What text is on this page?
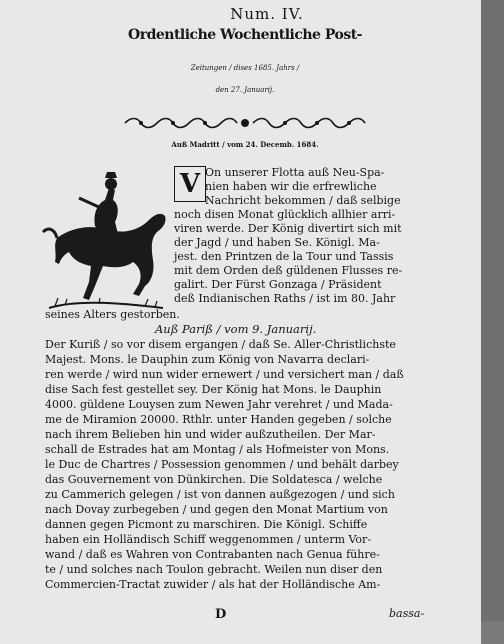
Num. IV.
Ordentliche Wochentliche Post-
Zeitungen / dises 1685. Jahrs /
den 27. Januarij.
Auß Madritt / vom 24. Decemb. 1684.
V On unserer Flotta auß Neu-Spa-
nien haben wir die erfrewliche
Nachricht bekommen / daß selbige
noch disen Monat glücklich allhier arri-
viren werde. Der König divertirt sich mit
der Jagd / und haben Se. Königl. Ma-
jest. den Printzen de la Tour und Tassis
mit dem Orden deß güldenen Flusses re-
galirt. Der Fürst Gonzaga / Präsident
deß Indianischen Raths / ist im 80. Jahr
seines Alters gestorben.
Auß Pariß / vom 9. Januarij.
Der Kuriß / so vor disem ergangen / daß Se. Aller-Christlichste
Majest. Mons. le Dauphin zum König von Navarra declari-
ren werde / wird nun wider ernewert / und versichert man / daß
dise Sach fest gestellet sey. Der König hat Mons. le Dauphin
4000. güldene Louysen zum Newen Jahr verehret / und Mada-
me de Miramion 20000. Rthlr. unter Handen gegeben / solche
nach ihrem Belieben hin und wider außzutheilen. Der Mar-
schall de Estrades hat am Montag / als Hofmeister von Mons.
le Duc de Chartres / Possession genommen / und behält darbey
das Gouvernement von Dünkirchen. Die Soldatesca / welche
zu Cammerich gelegen / ist von dannen außgezogen / und sich
nach Dovay zurbegeben / und gegen den Monat Martium von
dannen gegen Picmont zu marschiren. Die Königl. Schiffe
haben ein Holländisch Schiff weggenommen / unterm Vor-
wand / daß es Wahren von Contrabanten nach Genua führe-
te / und solches nach Toulon gebracht. Weilen nun diser den
Commercien-Tractat zuwider / als hat der Holländische Am-
D	bassa-
